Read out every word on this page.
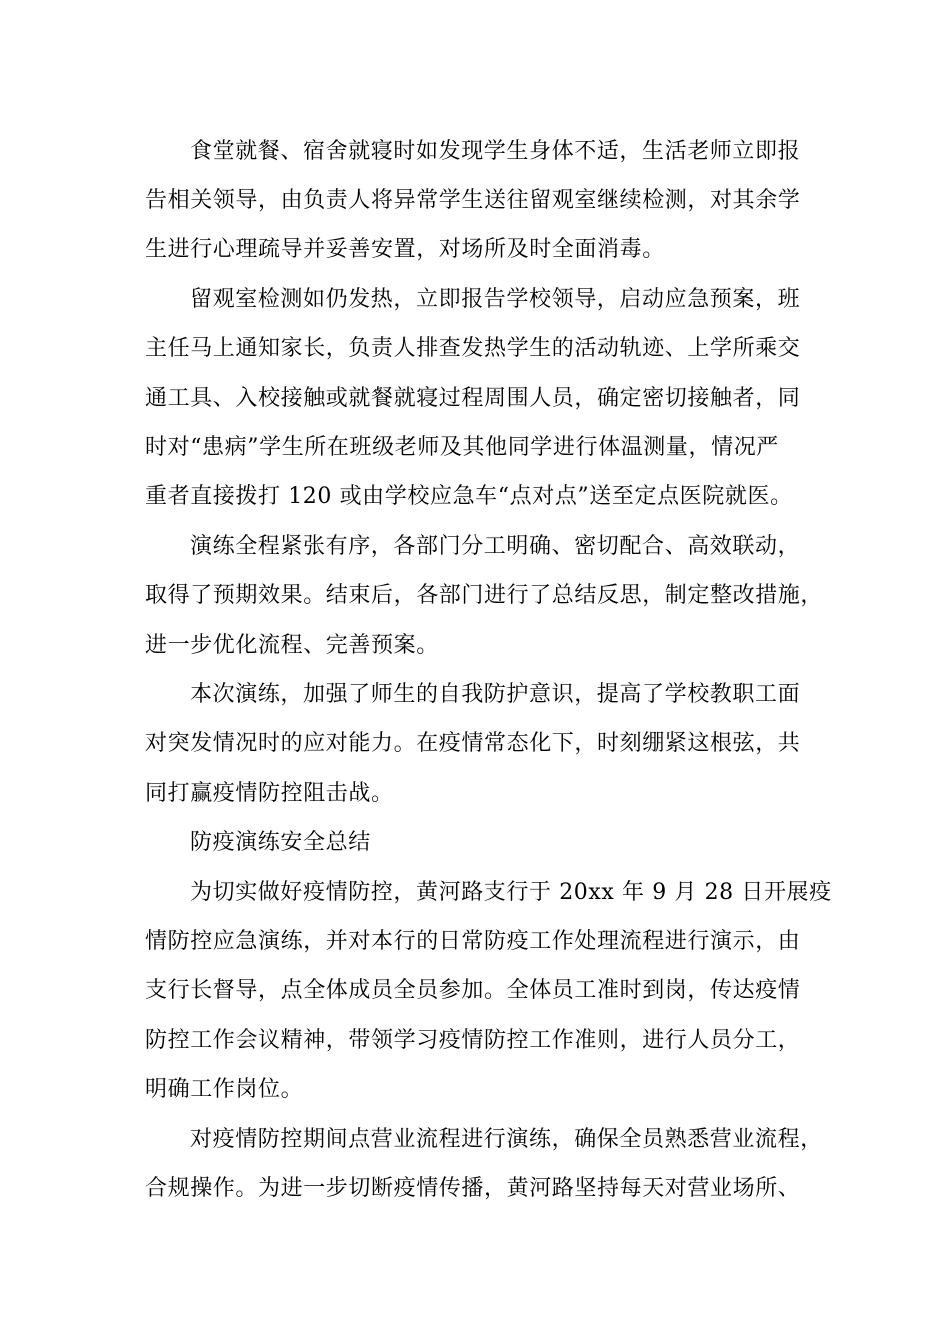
食堂就餐、宿舍就寝时如发现学生身体不适，生活老师立即报

告相关领导，由负责人将异常学生送往留观室继续检测，对其余学

生进行心理疏导并妥善安置，对场所及时全面消毒。

留观室检测如仍发热，立即报告学校领导，启动应急预案，班

主任马上通知家长，负责人排查发热学生的活动轨迹、上学所乘交

通工具、入校接触或就餐就寝过程周围人员，确定密切接触者，同

时对“患病”学生所在班级老师及其他同学进行体温测量，情况严

重者直接拨打 120 或由学校应急车“点对点”送至定点医院就医。

演练全程紧张有序，各部门分工明确、密切配合、高效联动，

取得了预期效果。结束后，各部门进行了总结反思，制定整改措施，

进一步优化流程、完善预案。

本次演练，加强了师生的自我防护意识，提高了学校教职工面

对突发情况时的应对能力。在疫情常态化下，时刻绷紧这根弦，共

同打赢疫情防控阻击战。

防疫演练安全总结

为切实做好疫情防控，黄河路支行于 20xx 年 9 月 28 日开展疫

情防控应急演练，并对本行的日常防疫工作处理流程进行演示，由

支行长督导，点全体成员全员参加。全体员工准时到岗，传达疫情

防控工作会议精神，带领学习疫情防控工作准则，进行人员分工，

明确工作岗位。

对疫情防控期间点营业流程进行演练，确保全员熟悉营业流程，

合规操作。为进一步切断疫情传播，黄河路坚持每天对营业场所、
